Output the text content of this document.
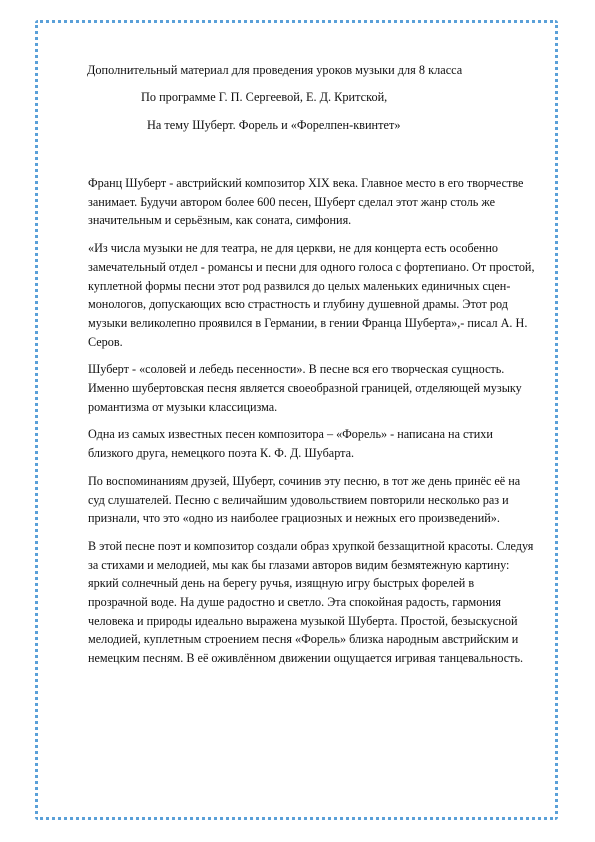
Дополнительный материал для проведения уроков музыки для 8 класса
По программе Г. П. Сергеевой, Е. Д. Критской,
На тему Шуберт. Форель и «Форелпен-квинтет»

Франц Шуберт - австрийский композитор XIX века. Главное место в его творчестве занимает. Будучи автором более 600 песен, Шуберт сделал этот жанр столь же значительным и серьёзным, как соната, симфония.

«Из числа музыки не для театра, не для церкви, не для концерта есть особенно замечательный отдел - романсы и песни для одного голоса с фортепиано. От простой, куплетной формы песни этот род развился до целых маленьких единичных сцен-монологов, допускающих всю страстность и глубину душевной драмы. Этот род музыки великолепно проявился в Германии, в гении Франца Шуберта»,- писал А. Н. Серов.

Шуберт - «соловей и лебедь песенности». В песне вся его творческая сущность. Именно шубертовская песня является своеобразной границей, отделяющей музыку романтизма от музыки классицизма.

Одна из самых известных песен композитора – «Форель» - написана на стихи близкого друга, немецкого поэта К. Ф. Д. Шубарта.

По воспоминаниям друзей, Шуберт, сочинив эту песню, в тот же день принёс её на суд слушателей. Песню с величайшим удовольствием повторили несколько раз и признали, что это «одно из наиболее грациозных и нежных его произведений».

В этой песне поэт и композитор создали образ хрупкой беззащитной красоты. Следуя за стихами и мелодией, мы как бы глазами авторов видим безмятежную картину: яркий солнечный день на берегу ручья, изящную игру быстрых форелей в прозрачной воде. На душе радостно и светло. Эта спокойная радость, гармония человека и природы идеально выражена музыкой Шуберта. Простой, безыскусной мелодией, куплетным строением песня «Форель» близка народным австрийским и немецким песням. В её оживлённом движении ощущается игривая танцевальность.
